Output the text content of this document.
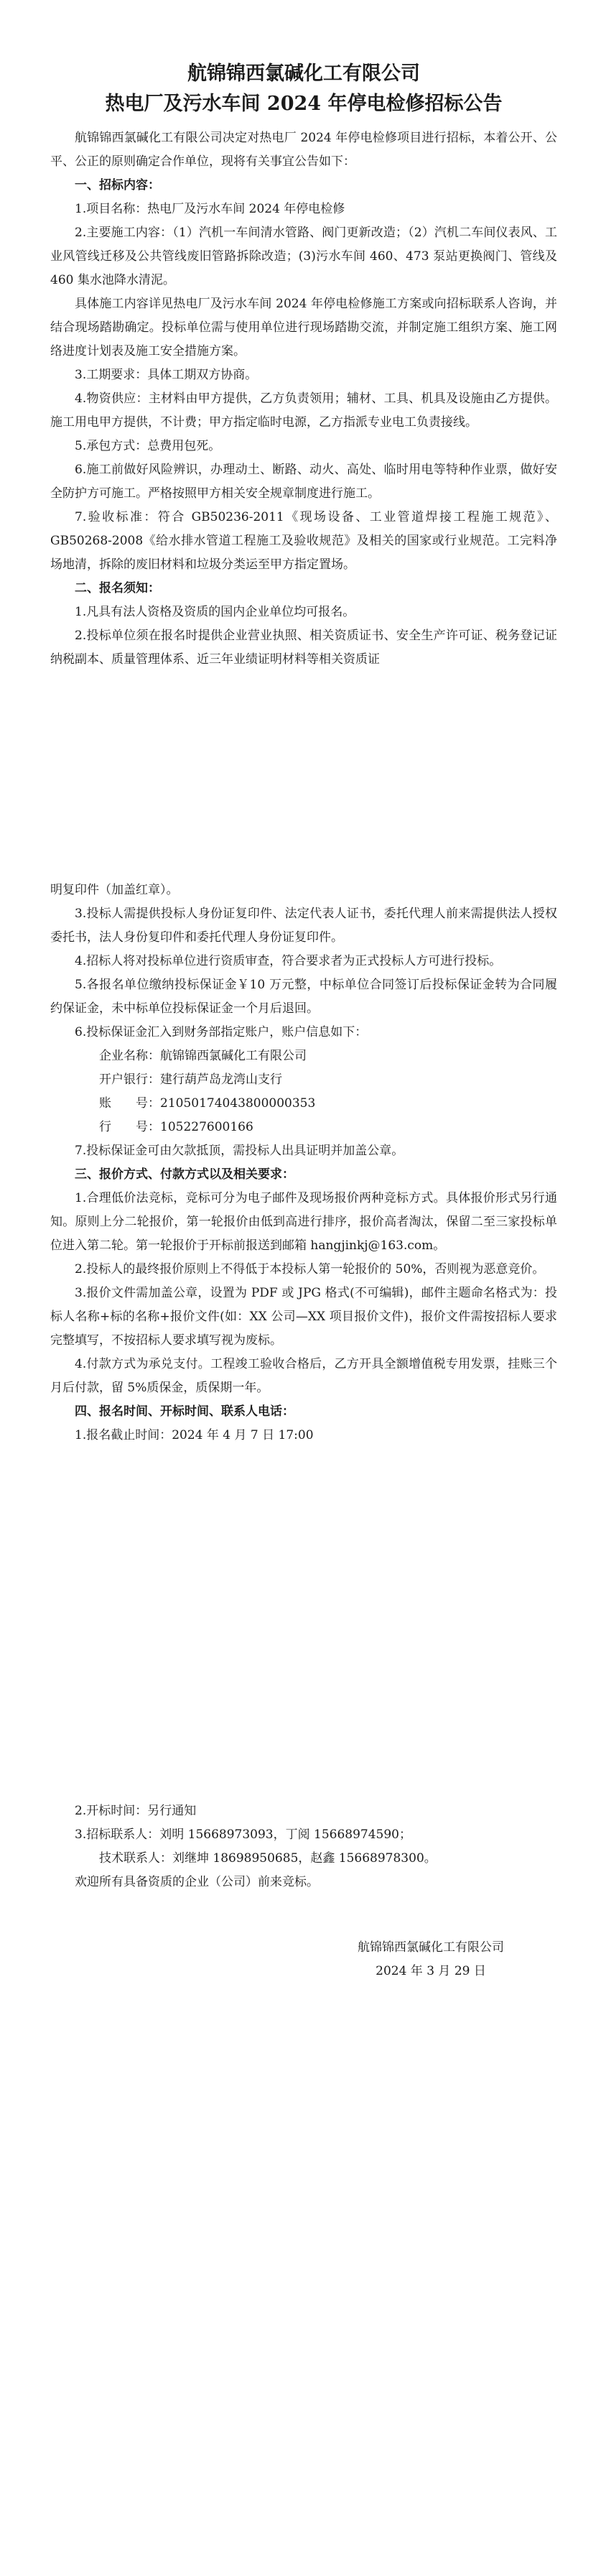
航锦锦西氯碱化工有限公司
热电厂及污水车间 2024 年停电检修招标公告

航锦锦西氯碱化工有限公司决定对热电厂 2024 年停电检修项目进行招标，本着公开、公平、公正的原则确定合作单位，现将有关事宜公告如下：

一、招标内容：

1.项目名称：热电厂及污水车间 2024 年停电检修

2.主要施工内容：（1）汽机一车间清水管路、阀门更新改造；（2）汽机二车间仪表风、工业风管线迁移及公共管线废旧管路拆除改造；(3)污水车间 460、473 泵站更换阀门、管线及 460 集水池降水清泥。

具体施工内容详见热电厂及污水车间 2024 年停电检修施工方案或向招标联系人咨询，并结合现场踏勘确定。投标单位需与使用单位进行现场踏勘交流，并制定施工组织方案、施工网络进度计划表及施工安全措施方案。

3.工期要求：具体工期双方协商。

4.物资供应：主材料由甲方提供，乙方负责领用；辅材、工具、机具及设施由乙方提供。施工用电甲方提供，不计费；甲方指定临时电源，乙方指派专业电工负责接线。

5.承包方式：总费用包死。

6.施工前做好风险辨识，办理动土、断路、动火、高处、临时用电等特种作业票，做好安全防护方可施工。严格按照甲方相关安全规章制度进行施工。

7.验收标准：符合 GB50236-2011《现场设备、工业管道焊接工程施工规范》、GB50268-2008《给水排水管道工程施工及验收规范》及相关的国家或行业规范。工完料净场地清，拆除的废旧材料和垃圾分类运至甲方指定置场。

二、报名须知：

1.凡具有法人资格及资质的国内企业单位均可报名。

2.投标单位须在报名时提供企业营业执照、相关资质证书、安全生产许可证、税务登记证纳税副本、质量管理体系、近三年业绩证明材料等相关资质证

明复印件（加盖红章）。

3.投标人需提供投标人身份证复印件、法定代表人证书，委托代理人前来需提供法人授权委托书，法人身份复印件和委托代理人身份证复印件。

4.招标人将对投标单位进行资质审查，符合要求者为正式投标人方可进行投标。

5.各报名单位缴纳投标保证金￥10 万元整，中标单位合同签订后投标保证金转为合同履约保证金，未中标单位投标保证金一个月后退回。

6.投标保证金汇入到财务部指定账户，账户信息如下：

企业名称：航锦锦西氯碱化工有限公司

开户银行：建行葫芦岛龙湾山支行

账　　号：21050174043800000353

行　　号：105227600166

7.投标保证金可由欠款抵顶，需投标人出具证明并加盖公章。

三、报价方式、付款方式以及相关要求：

1.合理低价法竞标，竞标可分为电子邮件及现场报价两种竞标方式。具体报价形式另行通知。原则上分二轮报价，第一轮报价由低到高进行排序，报价高者淘汰，保留二至三家投标单位进入第二轮。第一轮报价于开标前报送到邮箱 hangjinkj@163.com。

2.投标人的最终报价原则上不得低于本投标人第一轮报价的 50%，否则视为恶意竞价。

3.报价文件需加盖公章，设置为 PDF 或 JPG 格式(不可编辑)，邮件主题命名格式为：投标人名称+标的名称+报价文件(如：XX 公司—XX 项目报价文件)，报价文件需按招标人要求完整填写，不按招标人要求填写视为废标。

4.付款方式为承兑支付。工程竣工验收合格后，乙方开具全额增值税专用发票，挂账三个月后付款，留 5%质保金，质保期一年。

四、报名时间、开标时间、联系人电话：

1.报名截止时间：2024 年 4 月 7 日 17:00

2.开标时间：另行通知

3.招标联系人：刘明 15668973093，丁阅 15668974590；

技术联系人：刘继坤 18698950685，赵鑫 15668978300。

欢迎所有具备资质的企业（公司）前来竞标。

航锦锦西氯碱化工有限公司
2024 年 3 月 29 日
